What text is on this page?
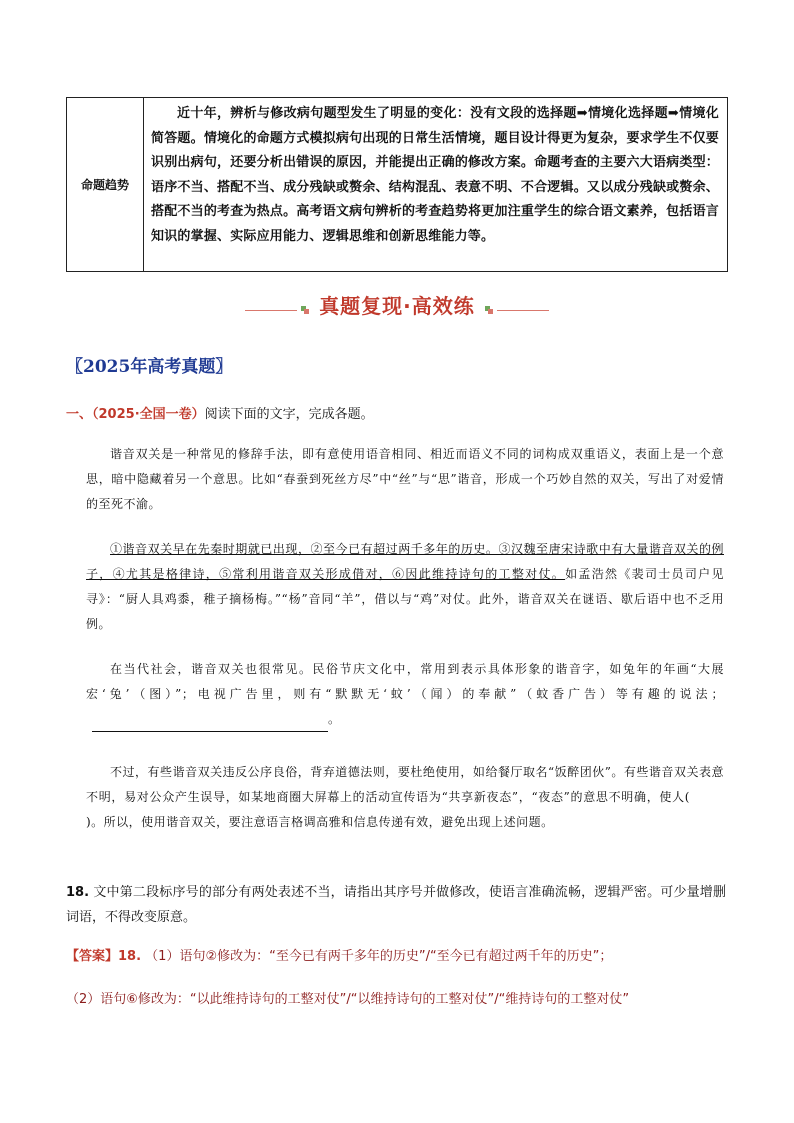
命题趋势
近十年，辨析与修改病句题型发生了明显的变化：没有文段的选择题➡情境化选择题➡情境化简答题。情境化的命题方式模拟病句出现的日常生活情境，题目设计得更为复杂，要求学生不仅要识别出病句，还要分析出错误的原因，并能提出正确的修改方案。命题考查的主要六大语病类型：语序不当、搭配不当、成分残缺或赘余、结构混乱、表意不明、不合逻辑。又以成分残缺或赘余、搭配不当的考查为热点。高考语文病句辨析的考查趋势将更加注重学生的综合语文素养，包括语言知识的掌握、实际应用能力、逻辑思维和创新思维能力等。
真题复现·高效练
〖2025年高考真题〗
一、（2025·全国一卷）阅读下面的文字，完成各题。
谐音双关是一种常见的修辞手法，即有意使用语音相同、相近而语义不同的词构成双重语义，表面上是一个意思，暗中隐藏着另一个意思。比如“春蚕到死丝方尽”中“丝”与“思”谐音，形成一个巧妙自然的双关，写出了对爱情的至死不渝。
①谐音双关早在先秦时期就已出现，②至今已有超过两千多年的历史。③汉魏至唐宋诗歌中有大量谐音双关的例子，④尤其是格律诗，⑤常利用谐音双关形成借对，⑥因此维持诗句的工整对仗。如孟浩然《裴司士员司户见寻》：“厨人具鸡黍，稚子摘杨梅。”“杨”音同“羊”，借以与“鸡”对仗。此外，谐音双关在谜语、歇后语中也不乏用例。
在当代社会，谐音双关也很常见。民俗节庆文化中，常用到表示具体形象的谐音字，如兔年的年画“大展宏‘兔’（图）”；电视广告里，则有“默默无‘蚊’（闻）的奉献”（蚊香广告）等有趣的说法；。
不过，有些谐音双关违反公序良俗，背弃道德法则，要杜绝使用，如给餐厅取名“饭醉团伙”。有些谐音双关表意不明，易对公众产生误导，如某地商圈大屏幕上的活动宣传语为“共享新夜态”，“夜态”的意思不明确，使人()。所以，使用谐音双关，要注意语言格调高雅和信息传递有效，避免出现上述问题。
18. 文中第二段标序号的部分有两处表述不当，请指出其序号并做修改，使语言准确流畅，逻辑严密。可少量增删词语，不得改变原意。
【答案】18. （1）语句②修改为：“至今已有两千多年的历史”/“至今已有超过两千年的历史”；
（2）语句⑥修改为：“以此维持诗句的工整对仗”/“以维持诗句的工整对仗”/“维持诗句的工整对仗”
